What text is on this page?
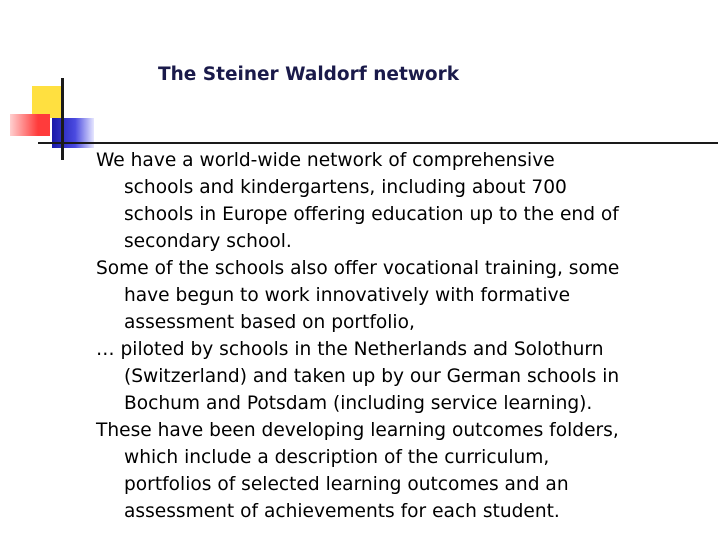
The Steiner Waldorf network

We have a world-wide network of comprehensive
schools and kindergartens, including about 700
schools in Europe offering education up to the end of
secondary school.

Some of the schools also offer vocational training, some
have begun to work innovatively with formative
assessment based on portfolio,

… piloted by schools in the Netherlands and Solothurn
(Switzerland) and taken up by our German schools in
Bochum and Potsdam (including service learning).

These have been developing learning outcomes folders,
which include a description of the curriculum,
portfolios of selected learning outcomes and an
assessment of achievements for each student.
